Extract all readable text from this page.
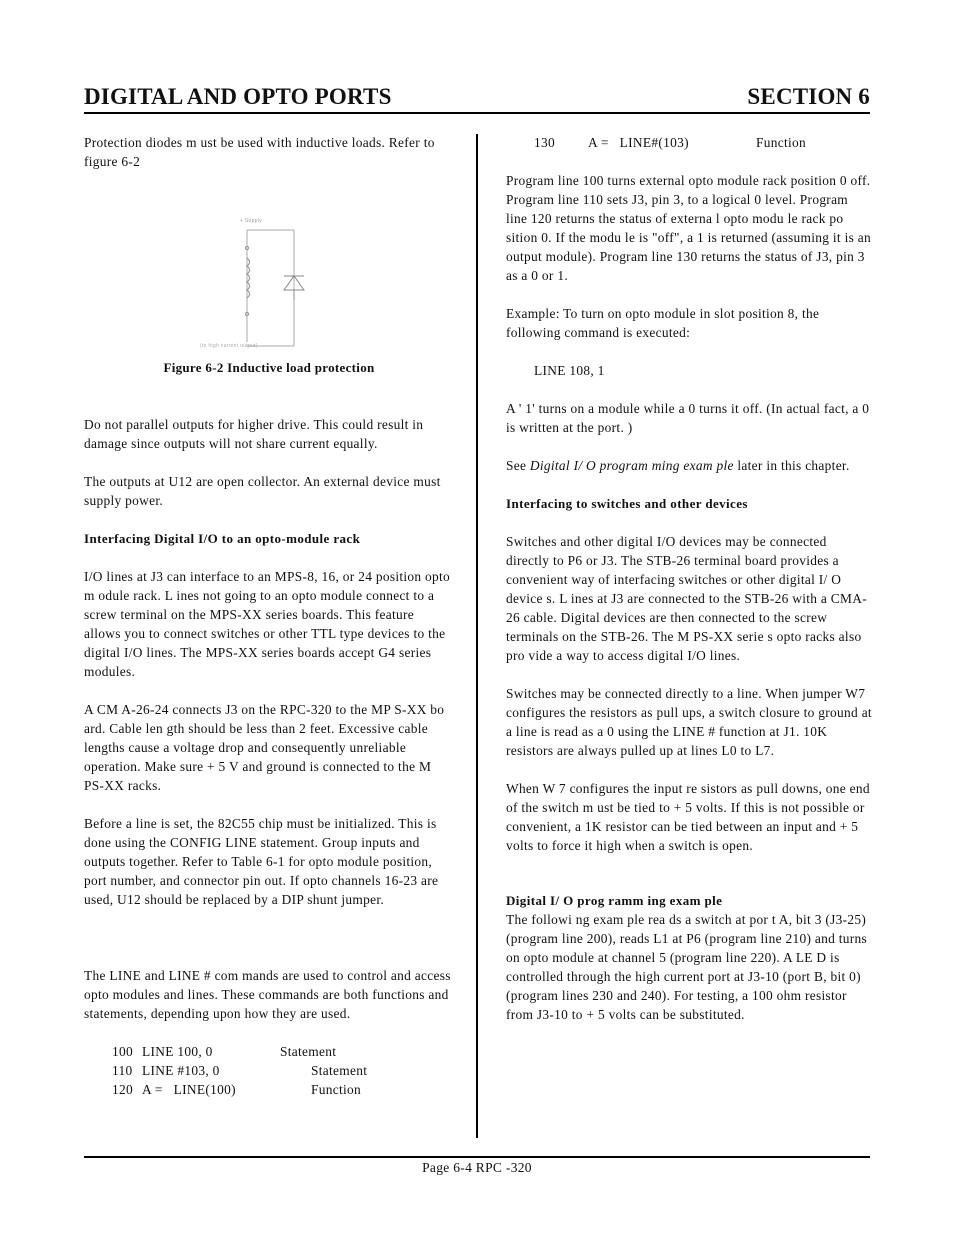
DIGITAL AND OPTO PORTS	SECTION 6

Protection diodes m ust be used with inductive loads. Refer to figure 6-2

+ Supply
(to high current output)
Figure 6-2 Inductive load protection

Do not parallel outputs for higher drive. This could result in damage since outputs will not share current equally.

The outputs at U12 are open collector. An external device must supply power.

Interfacing Digital I/O to an opto-module rack

I/O lines at J3 can interface to an MPS-8, 16, or 24 position opto m odule rack. L ines not going to an opto module connect to a screw terminal on the MPS-XX series boards. This feature allows you to connect switches or other TTL type devices to the digital I/O lines. The MPS-XX series boards accept G4 series modules.

A CM A-26-24 connects J3 on the RPC-320 to the MP S-XX bo ard. Cable len gth should be less than 2 feet. Excessive cable lengths cause a voltage drop and consequently unreliable operation. Make sure + 5 V and ground is connected to the M PS-XX racks.

Before a line is set, the 82C55 chip must be initialized. This is done using the CONFIG LINE statement. Group inputs and outputs together. Refer to Table 6-1 for opto module position, port number, and connector pin out. If opto channels 16-23 are used, U12 should be replaced by a DIP shunt jumper.

The LINE and LINE # com mands are used to control and access opto modules and lines. These commands are both functions and statements, depending upon how they are used.

100 LINE 100, 0	Statement
110 LINE #103, 0	Statement
120 A =   LINE(100)	Function
130	A =   LINE#(103)	Function

Program line 100 turns external opto module rack position 0 off. Program line 110 sets J3, pin 3, to a logical 0 level. Program line 120 returns the status of externa l opto modu le rack po sition 0. If the modu le is "off", a 1 is returned (assuming it is an output module). Program line 130 returns the status of J3, pin 3 as a 0 or 1.

Example: To turn on opto module in slot position 8, the following command is executed:

LINE 108, 1

A ' 1' turns on a module while a 0 turns it off. (In actual fact, a 0 is written at the port. )

See Digital I/ O program ming exam ple later in this chapter.

Interfacing to switches and other devices

Switches and other digital I/O devices may be connected directly to P6 or J3. The STB-26 terminal board provides a convenient way of interfacing switches or other digital I/ O device s. L ines at J3 are connected to the STB-26 with a CMA-26 cable. Digital devices are then connected to the screw terminals on the STB-26. The M PS-XX serie s opto racks also pro vide a way to access digital I/O lines.

Switches may be connected directly to a line. When jumper W7 configures the resistors as pull ups, a switch closure to ground at a line is read as a 0 using the LINE # function at J1. 10K resistors are always pulled up at lines L0 to L7.

When W 7 configures the input re sistors as pull downs, one end of the switch m ust be tied to + 5 volts. If this is not possible or convenient, a 1K resistor can be tied between an input and + 5 volts to force it high when a switch is open.

Digital I/ O prog ramm ing exam ple
The followi ng exam ple rea ds a switch at por t A, bit 3 (J3-25) (program line 200), reads L1 at P6 (program line 210) and turns on opto module at channel 5 (program line 220). A LE D is controlled through the high current port at J3-10 (port B, bit 0) (program lines 230 and 240). For testing, a 100 ohm resistor from J3-10 to + 5 volts can be substituted.
Page 6-4 RPC -320
